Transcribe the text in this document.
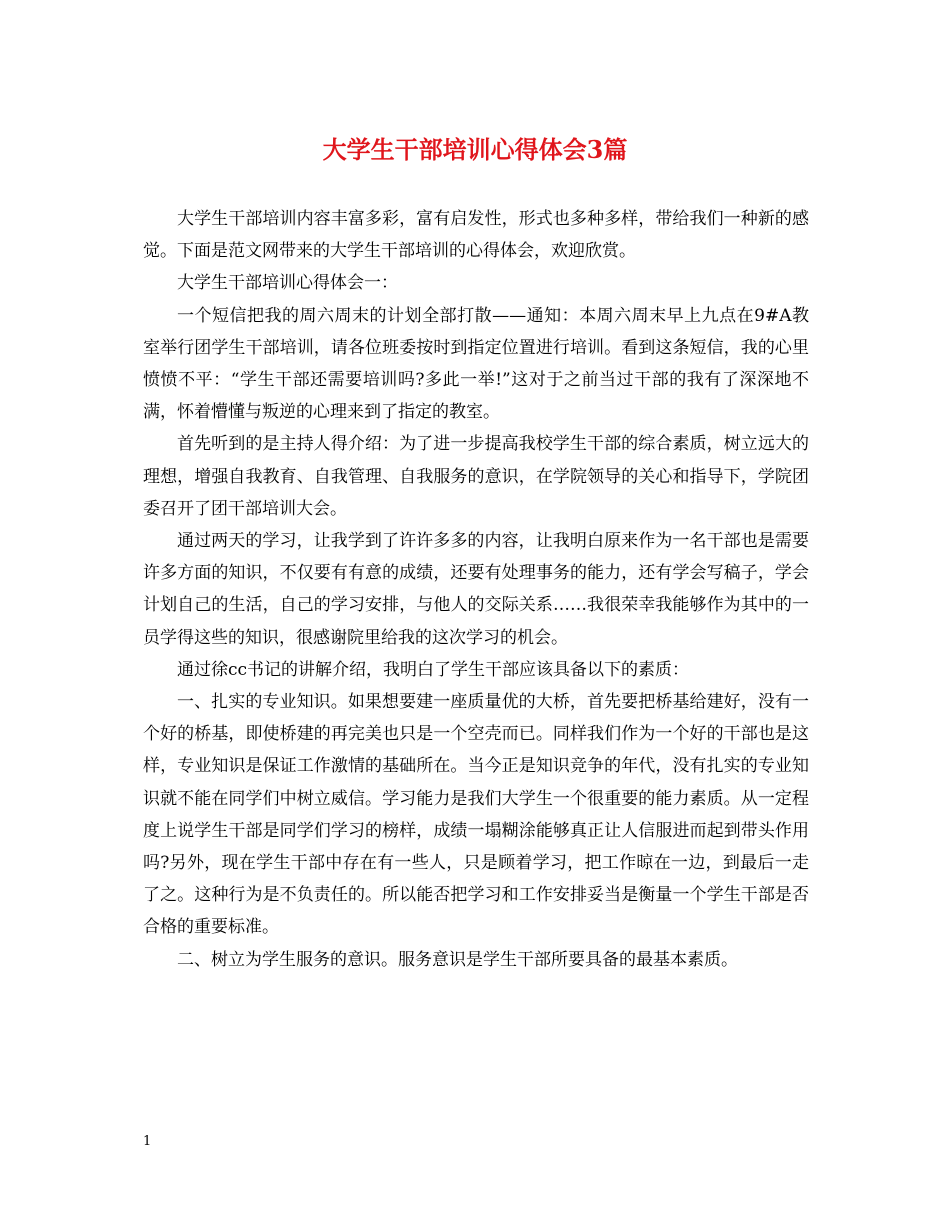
大学生干部培训心得体会3篇

大学生干部培训内容丰富多彩，富有启发性，形式也多种多样，带给我们一种新的感觉。下面是范文网带来的大学生干部培训的心得体会，欢迎欣赏。

大学生干部培训心得体会一：

一个短信把我的周六周末的计划全部打散——通知：本周六周末早上九点在9#A教室举行团学生干部培训，请各位班委按时到指定位置进行培训。看到这条短信，我的心里愤愤不平：“学生干部还需要培训吗?多此一举!”这对于之前当过干部的我有了深深地不满，怀着懵懂与叛逆的心理来到了指定的教室。

首先听到的是主持人得介绍：为了进一步提高我校学生干部的综合素质，树立远大的理想，增强自我教育、自我管理、自我服务的意识，在学院领导的关心和指导下，学院团委召开了团干部培训大会。

通过两天的学习，让我学到了许许多多的内容，让我明白原来作为一名干部也是需要许多方面的知识，不仅要有有意的成绩，还要有处理事务的能力，还有学会写稿子，学会计划自己的生活，自己的学习安排，与他人的交际关系……我很荣幸我能够作为其中的一员学得这些的知识，很感谢院里给我的这次学习的机会。

通过徐cc书记的讲解介绍，我明白了学生干部应该具备以下的素质：

一、扎实的专业知识。如果想要建一座质量优的大桥，首先要把桥基给建好，没有一个好的桥基，即使桥建的再完美也只是一个空壳而已。同样我们作为一个好的干部也是这样，专业知识是保证工作激情的基础所在。当今正是知识竞争的年代，没有扎实的专业知识就不能在同学们中树立威信。学习能力是我们大学生一个很重要的能力素质。从一定程度上说学生干部是同学们学习的榜样，成绩一塌糊涂能够真正让人信服进而起到带头作用吗?另外，现在学生干部中存在有一些人，只是顾着学习，把工作晾在一边，到最后一走了之。这种行为是不负责任的。所以能否把学习和工作安排妥当是衡量一个学生干部是否合格的重要标准。

二、树立为学生服务的意识。服务意识是学生干部所要具备的最基本素质。

1
